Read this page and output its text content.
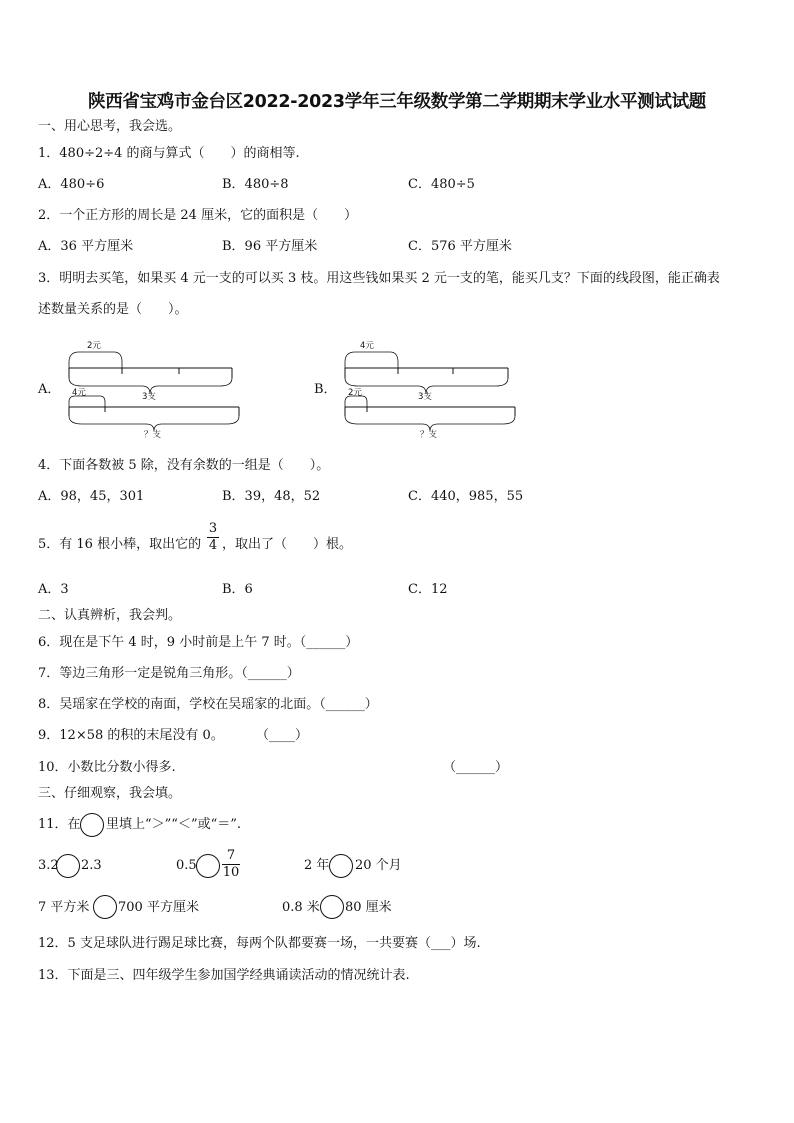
陕西省宝鸡市金台区2022-2023学年三年级数学第二学期期末学业水平测试试题
一、用心思考，我会选。
1．480÷2÷4 的商与算式（　　）的商相等.
A．480÷6	B．480÷8	C．480÷5
2．一个正方形的周长是 24 厘米，它的面积是（　　）
A．36 平方厘米	B．96 平方厘米	C．576 平方厘米
3．明明去买笔，如果买 4 元一支的可以买 3 枝。用这些钱如果买 2 元一支的笔，能买几支？下面的线段图，能正确表
述数量关系的是（　　）。
A．
2元
3支
4元
？支
B．
4元
3支
2元
？支
4．下面各数被 5 除，没有余数的一组是（　　）。
A．98，45，301	B．39，48，52	C．440，985，55
5．有 16 根小棒，取出它的
3
4 ，取出了（　　）根。
A．3	B．6	C．12
二、认真辨析，我会判。
6．现在是下午 4 时，9 小时前是上午 7 时。（______）
7．等边三角形一定是锐角三角形。（______）
8．吴瑶家在学校的南面，学校在吴瑶家的北面。（______）
9．12×58 的积的末尾没有 0。 （____）
10．小数比分数小得多.	（______）
三、仔细观察，我会填。
11．在 里填上“＞”“＜”或“＝”.
3.2 2.3	0.5
7
10	2 年 20 个月
7 平方米 700 平方厘米	0.8 米 80 厘米
12．5 支足球队进行踢足球比赛，每两个队都要赛一场，一共要赛（___）场.
13．下面是三、四年级学生参加国学经典诵读活动的情况统计表.
